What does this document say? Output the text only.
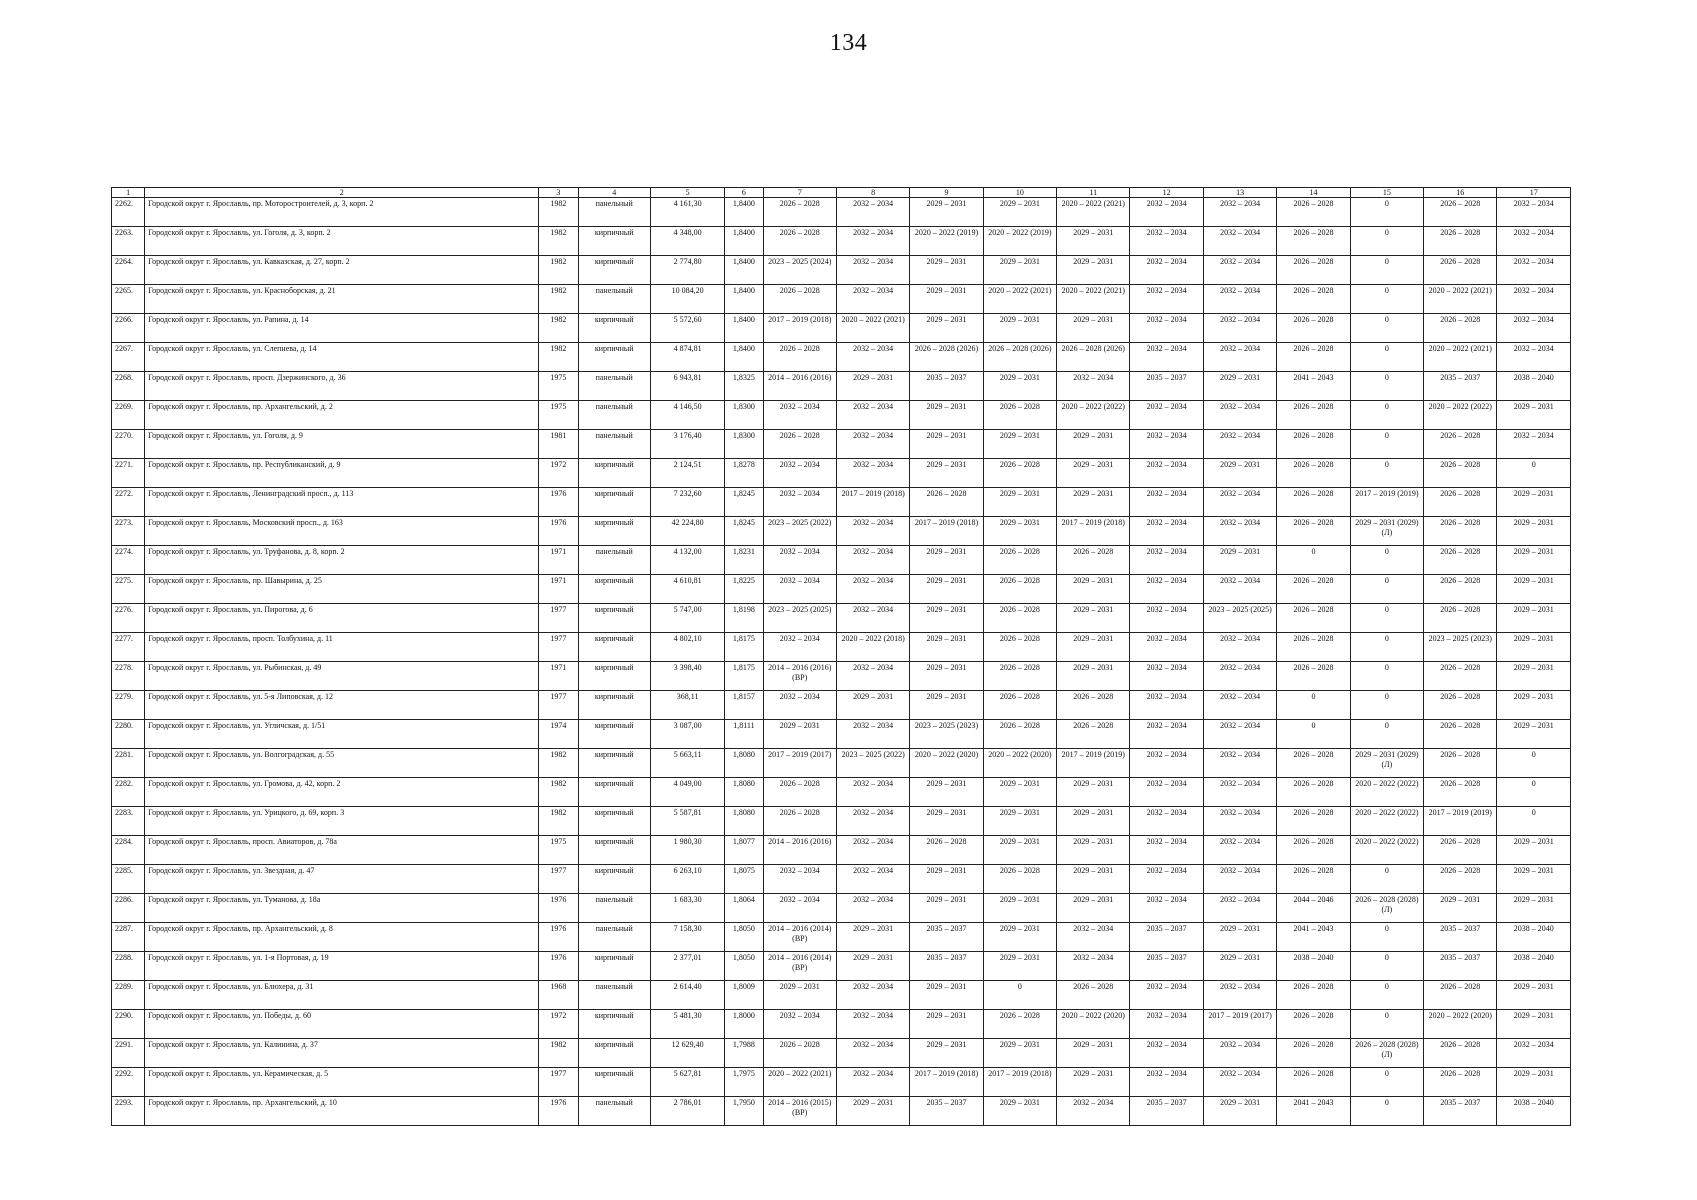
134
1	2	3	4	5	6	7	8	9	10	11	12	13	14	15	16	17
2262.	Городской округ г. Ярославль, пр. Моторостроителей, д. 3, корп. 2	1982	панельный	4 161,30	1,8400	2026 – 2028	2032 – 2034	2029 – 2031	2029 – 2031	2020 – 2022 (2021)	2032 – 2034	2032 – 2034	2026 – 2028	0	2026 – 2028	2032 – 2034
2263.	Городской округ г. Ярославль, ул. Гоголя, д. 3, корп. 2	1982	кирпичный	4 348,00	1,8400	2026 – 2028	2032 – 2034	2020 – 2022 (2019)	2020 – 2022 (2019)	2029 – 2031	2032 – 2034	2032 – 2034	2026 – 2028	0	2026 – 2028	2032 – 2034
2264.	Городской округ г. Ярославль, ул. Кавказская, д. 27, корп. 2	1982	кирпичный	2 774,80	1,8400	2023 – 2025 (2024)	2032 – 2034	2029 – 2031	2029 – 2031	2029 – 2031	2032 – 2034	2032 – 2034	2026 – 2028	0	2026 – 2028	2032 – 2034
2265.	Городской округ г. Ярославль, ул. Красноборская, д. 21	1982	панельный	10 084,20	1,8400	2026 – 2028	2032 – 2034	2029 – 2031	2020 – 2022 (2021)	2020 – 2022 (2021)	2032 – 2034	2032 – 2034	2026 – 2028	0	2020 – 2022 (2021)	2032 – 2034
2266.	Городской округ г. Ярославль, ул. Рапина, д. 14	1982	кирпичный	5 572,60	1,8400	2017 – 2019 (2018)	2020 – 2022 (2021)	2029 – 2031	2029 – 2031	2029 – 2031	2032 – 2034	2032 – 2034	2026 – 2028	0	2026 – 2028	2032 – 2034
2267.	Городской округ г. Ярославль, ул. Слепнева, д. 14	1982	кирпичный	4 874,81	1,8400	2026 – 2028	2032 – 2034	2026 – 2028 (2026)	2026 – 2028 (2026)	2026 – 2028 (2026)	2032 – 2034	2032 – 2034	2026 – 2028	0	2020 – 2022 (2021)	2032 – 2034
2268.	Городской округ г. Ярославль, просп. Дзержинского, д. 36	1975	панельный	6 943,81	1,8325	2014 – 2016 (2016)	2029 – 2031	2035 – 2037	2029 – 2031	2032 – 2034	2035 – 2037	2029 – 2031	2041 – 2043	0	2035 – 2037	2038 – 2040
2269.	Городской округ г. Ярославль, пр. Архангельский, д. 2	1975	панельный	4 146,50	1,8300	2032 – 2034	2032 – 2034	2029 – 2031	2026 – 2028	2020 – 2022 (2022)	2032 – 2034	2032 – 2034	2026 – 2028	0	2020 – 2022 (2022)	2029 – 2031
2270.	Городской округ г. Ярославль, ул. Гоголя, д. 9	1981	панельный	3 176,40	1,8300	2026 – 2028	2032 – 2034	2029 – 2031	2029 – 2031	2029 – 2031	2032 – 2034	2032 – 2034	2026 – 2028	0	2026 – 2028	2032 – 2034
2271.	Городской округ г. Ярославль, пр. Республиканский, д. 9	1972	кирпичный	2 124,51	1,8278	2032 – 2034	2032 – 2034	2029 – 2031	2026 – 2028	2029 – 2031	2032 – 2034	2029 – 2031	2026 – 2028	0	2026 – 2028	0
2272.	Городской округ г. Ярославль, Ленинградский просп., д. 113	1976	кирпичный	7 232,60	1,8245	2032 – 2034	2017 – 2019 (2018)	2026 – 2028	2029 – 2031	2029 – 2031	2032 – 2034	2032 – 2034	2026 – 2028	2017 – 2019 (2019)	2026 – 2028	2029 – 2031
2273.	Городской округ г. Ярославль, Московский просп., д. 163	1976	кирпичный	42 224,80	1,8245	2023 – 2025 (2022)	2032 – 2034	2017 – 2019 (2018)	2029 – 2031	2017 – 2019 (2018)	2032 – 2034	2032 – 2034	2026 – 2028	2029 – 2031 (2029) (Л)	2026 – 2028	2029 – 2031
2274.	Городской округ г. Ярославль, ул. Труфанова, д. 8, корп. 2	1971	панельный	4 132,00	1,8231	2032 – 2034	2032 – 2034	2029 – 2031	2026 – 2028	2026 – 2028	2032 – 2034	2029 – 2031	0	0	2026 – 2028	2029 – 2031
2275.	Городской округ г. Ярославль, пр. Шавырина, д. 25	1971	кирпичный	4 610,81	1,8225	2032 – 2034	2032 – 2034	2029 – 2031	2026 – 2028	2029 – 2031	2032 – 2034	2032 – 2034	2026 – 2028	0	2026 – 2028	2029 – 2031
2276.	Городской округ г. Ярославль, ул. Пирогова, д. 6	1977	кирпичный	5 747,00	1,8198	2023 – 2025 (2025)	2032 – 2034	2029 – 2031	2026 – 2028	2029 – 2031	2032 – 2034	2023 – 2025 (2025)	2026 – 2028	0	2026 – 2028	2029 – 2031
2277.	Городской округ г. Ярославль, просп. Толбухина, д. 11	1977	кирпичный	4 802,10	1,8175	2032 – 2034	2020 – 2022 (2018)	2029 – 2031	2026 – 2028	2029 – 2031	2032 – 2034	2032 – 2034	2026 – 2028	0	2023 – 2025 (2023)	2029 – 2031
2278.	Городской округ г. Ярославль, ул. Рыбинская, д. 49	1971	кирпичный	3 398,40	1,8175	2014 – 2016 (2016) (ВР)	2032 – 2034	2029 – 2031	2026 – 2028	2029 – 2031	2032 – 2034	2032 – 2034	2026 – 2028	0	2026 – 2028	2029 – 2031
2279.	Городской округ г. Ярославль, ул. 5-я Липовская, д. 12	1977	кирпичный	368,11	1,8157	2032 – 2034	2029 – 2031	2029 – 2031	2026 – 2028	2026 – 2028	2032 – 2034	2032 – 2034	0	0	2026 – 2028	2029 – 2031
2280.	Городской округ г. Ярославль, ул. Угличская, д. 1/51	1974	кирпичный	3 087,00	1,8111	2029 – 2031	2032 – 2034	2023 – 2025 (2023)	2026 – 2028	2026 – 2028	2032 – 2034	2032 – 2034	0	0	2026 – 2028	2029 – 2031
2281.	Городской округ г. Ярославль, ул. Волгоградская, д. 55	1982	кирпичный	5 663,11	1,8080	2017 – 2019 (2017)	2023 – 2025 (2022)	2020 – 2022 (2020)	2020 – 2022 (2020)	2017 – 2019 (2019)	2032 – 2034	2032 – 2034	2026 – 2028	2029 – 2031 (2029) (Л)	2026 – 2028	0
2282.	Городской округ г. Ярославль, ул. Громова, д. 42, корп. 2	1982	кирпичный	4 049,00	1,8080	2026 – 2028	2032 – 2034	2029 – 2031	2029 – 2031	2029 – 2031	2032 – 2034	2032 – 2034	2026 – 2028	2020 – 2022 (2022)	2026 – 2028	0
2283.	Городской округ г. Ярославль, ул. Урицкого, д. 69, корп. 3	1982	кирпичный	5 587,81	1,8080	2026 – 2028	2032 – 2034	2029 – 2031	2029 – 2031	2029 – 2031	2032 – 2034	2032 – 2034	2026 – 2028	2020 – 2022 (2022)	2017 – 2019 (2019)	0
2284.	Городской округ г. Ярославль, просп. Авиаторов, д. 78а	1975	кирпичный	1 980,30	1,8077	2014 – 2016 (2016)	2032 – 2034	2026 – 2028	2029 – 2031	2029 – 2031	2032 – 2034	2032 – 2034	2026 – 2028	2020 – 2022 (2022)	2026 – 2028	2029 – 2031
2285.	Городской округ г. Ярославль, ул. Звездная, д. 47	1977	кирпичный	6 263,10	1,8075	2032 – 2034	2032 – 2034	2029 – 2031	2026 – 2028	2029 – 2031	2032 – 2034	2032 – 2034	2026 – 2028	0	2026 – 2028	2029 – 2031
2286.	Городской округ г. Ярославль, ул. Туманова, д. 18а	1976	панельный	1 683,30	1,8064	2032 – 2034	2032 – 2034	2029 – 2031	2029 – 2031	2029 – 2031	2032 – 2034	2032 – 2034	2044 – 2046	2026 – 2028 (2028) (Л)	2029 – 2031	2029 – 2031
2287.	Городской округ г. Ярославль, пр. Архангельский, д. 8	1976	панельный	7 158,30	1,8050	2014 – 2016 (2014) (ВР)	2029 – 2031	2035 – 2037	2029 – 2031	2032 – 2034	2035 – 2037	2029 – 2031	2041 – 2043	0	2035 – 2037	2038 – 2040
2288.	Городской округ г. Ярославль, ул. 1-я Портовая, д. 19	1976	кирпичный	2 377,01	1,8050	2014 – 2016 (2014) (ВР)	2029 – 2031	2035 – 2037	2029 – 2031	2032 – 2034	2035 – 2037	2029 – 2031	2038 – 2040	0	2035 – 2037	2038 – 2040
2289.	Городской округ г. Ярославль, ул. Блюхера, д. 31	1968	панельный	2 614,40	1,8009	2029 – 2031	2032 – 2034	2029 – 2031	0	2026 – 2028	2032 – 2034	2032 – 2034	2026 – 2028	0	2026 – 2028	2029 – 2031
2290.	Городской округ г. Ярославль, ул. Победы, д. 60	1972	кирпичный	5 481,30	1,8000	2032 – 2034	2032 – 2034	2029 – 2031	2026 – 2028	2020 – 2022 (2020)	2032 – 2034	2017 – 2019 (2017)	2026 – 2028	0	2020 – 2022 (2020)	2029 – 2031
2291.	Городской округ г. Ярославль, ул. Калинина, д. 37	1982	кирпичный	12 629,40	1,7988	2026 – 2028	2032 – 2034	2029 – 2031	2029 – 2031	2029 – 2031	2032 – 2034	2032 – 2034	2026 – 2028	2026 – 2028 (2028) (Л)	2026 – 2028	2032 – 2034
2292.	Городской округ г. Ярославль, ул. Керамическая, д. 5	1977	кирпичный	5 627,81	1,7975	2020 – 2022 (2021)	2032 – 2034	2017 – 2019 (2018)	2017 – 2019 (2018)	2029 – 2031	2032 – 2034	2032 – 2034	2026 – 2028	0	2026 – 2028	2029 – 2031
2293.	Городской округ г. Ярославль, пр. Архангельский, д. 10	1976	панельный	2 786,01	1,7950	2014 – 2016 (2015) (ВР)	2029 – 2031	2035 – 2037	2029 – 2031	2032 – 2034	2035 – 2037	2029 – 2031	2041 – 2043	0	2035 – 2037	2038 – 2040
